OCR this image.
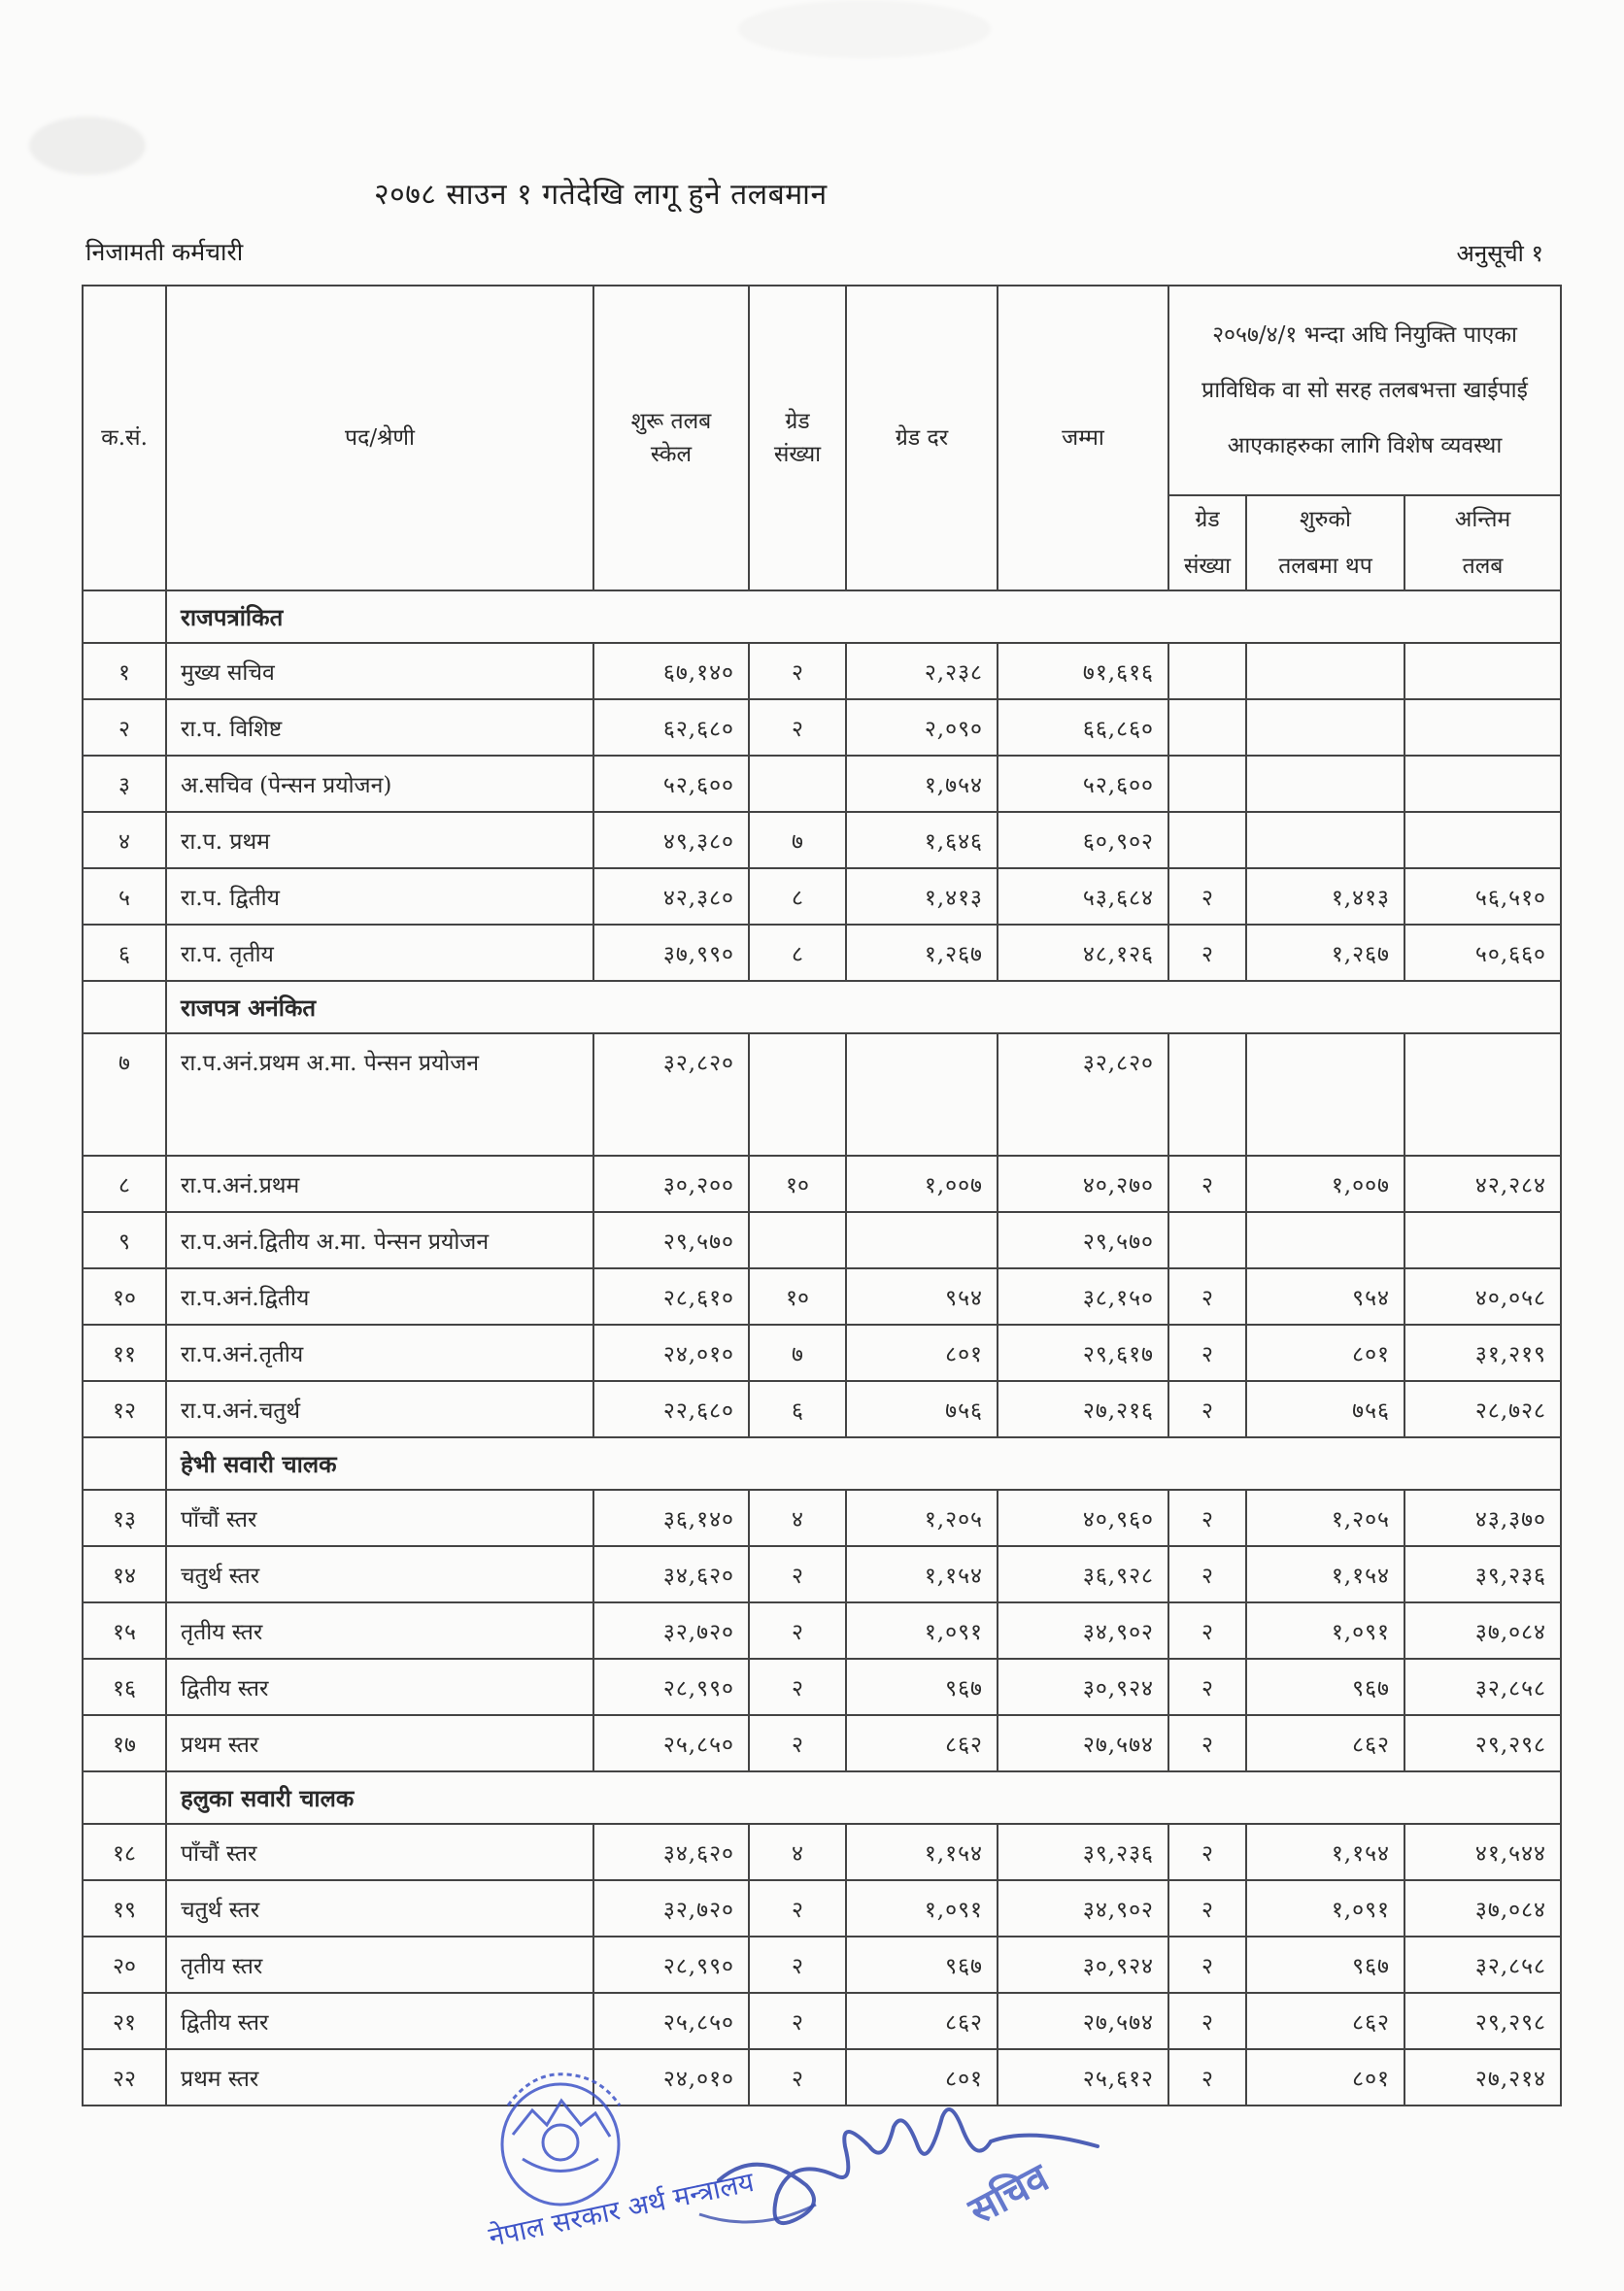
२०७८ साउन १ गतेदेखि लागू हुने तलबमान
निजामती कर्मचारी	अनुसूची १
क.सं.	पद/श्रेणी	शुरू तलब स्केल	ग्रेड संख्या	ग्रेड दर	जम्मा	२०५७/४/१ भन्दा अघि नियुक्ति पाएका प्राविधिक वा सो सरह तलबभत्ता खाईपाई आएकाहरुका लागि विशेष व्यवस्था		
						ग्रेड संख्या	शुरुको तलबमा थप	अन्तिम तलब
	राजपत्रांकित							
१	मुख्य सचिव	६७,१४०	२	२,२३८	७१,६१६			
२	रा.प. विशिष्ट	६२,६८०	२	२,०९०	६६,८६०			
३	अ.सचिव (पेन्सन प्रयोजन)	५२,६००		१,७५४	५२,६००			
४	रा.प. प्रथम	४९,३८०	७	१,६४६	६०,९०२			
५	रा.प. द्वितीय	४२,३८०	८	१,४१३	५३,६८४	२	१,४१३	५६,५१०
६	रा.प. तृतीय	३७,९९०	८	१,२६७	४८,१२६	२	१,२६७	५०,६६०
	राजपत्र अनंकित							
७	रा.प.अनं.प्रथम अ.मा. पेन्सन प्रयोजन	३२,८२०			३२,८२०			
८	रा.प.अनं.प्रथम	३०,२००	१०	१,००७	४०,२७०	२	१,००७	४२,२८४
९	रा.प.अनं.द्वितीय अ.मा. पेन्सन प्रयोजन	२९,५७०			२९,५७०			
१०	रा.प.अनं.द्वितीय	२८,६१०	१०	९५४	३८,१५०	२	९५४	४०,०५८
११	रा.प.अनं.तृतीय	२४,०१०	७	८०१	२९,६१७	२	८०१	३१,२१९
१२	रा.प.अनं.चतुर्थ	२२,६८०	६	७५६	२७,२१६	२	७५६	२८,७२८
	हेभी सवारी चालक							
१३	पाँचौं स्तर	३६,१४०	४	१,२०५	४०,९६०	२	१,२०५	४३,३७०
१४	चतुर्थ स्तर	३४,६२०	२	१,१५४	३६,९२८	२	१,१५४	३९,२३६
१५	तृतीय स्तर	३२,७२०	२	१,०९१	३४,९०२	२	१,०९१	३७,०८४
१६	द्वितीय स्तर	२८,९९०	२	९६७	३०,९२४	२	९६७	३२,८५८
१७	प्रथम स्तर	२५,८५०	२	८६२	२७,५७४	२	८६२	२९,२९८
	हलुका सवारी चालक							
१८	पाँचौं स्तर	३४,६२०	४	१,१५४	३९,२३६	२	१,१५४	४१,५४४
१९	चतुर्थ स्तर	३२,७२०	२	१,०९१	३४,९०२	२	१,०९१	३७,०८४
२०	तृतीय स्तर	२८,९९०	२	९६७	३०,९२४	२	९६७	३२,८५८
२१	द्वितीय स्तर	२५,८५०	२	८६२	२७,५७४	२	८६२	२९,२९८
२२	प्रथम स्तर	२४,०१०	२	८०१	२५,६१२	२	८०१	२७,२१४
नेपाल सरकार अर्थ मन्त्रालय	सचिव
